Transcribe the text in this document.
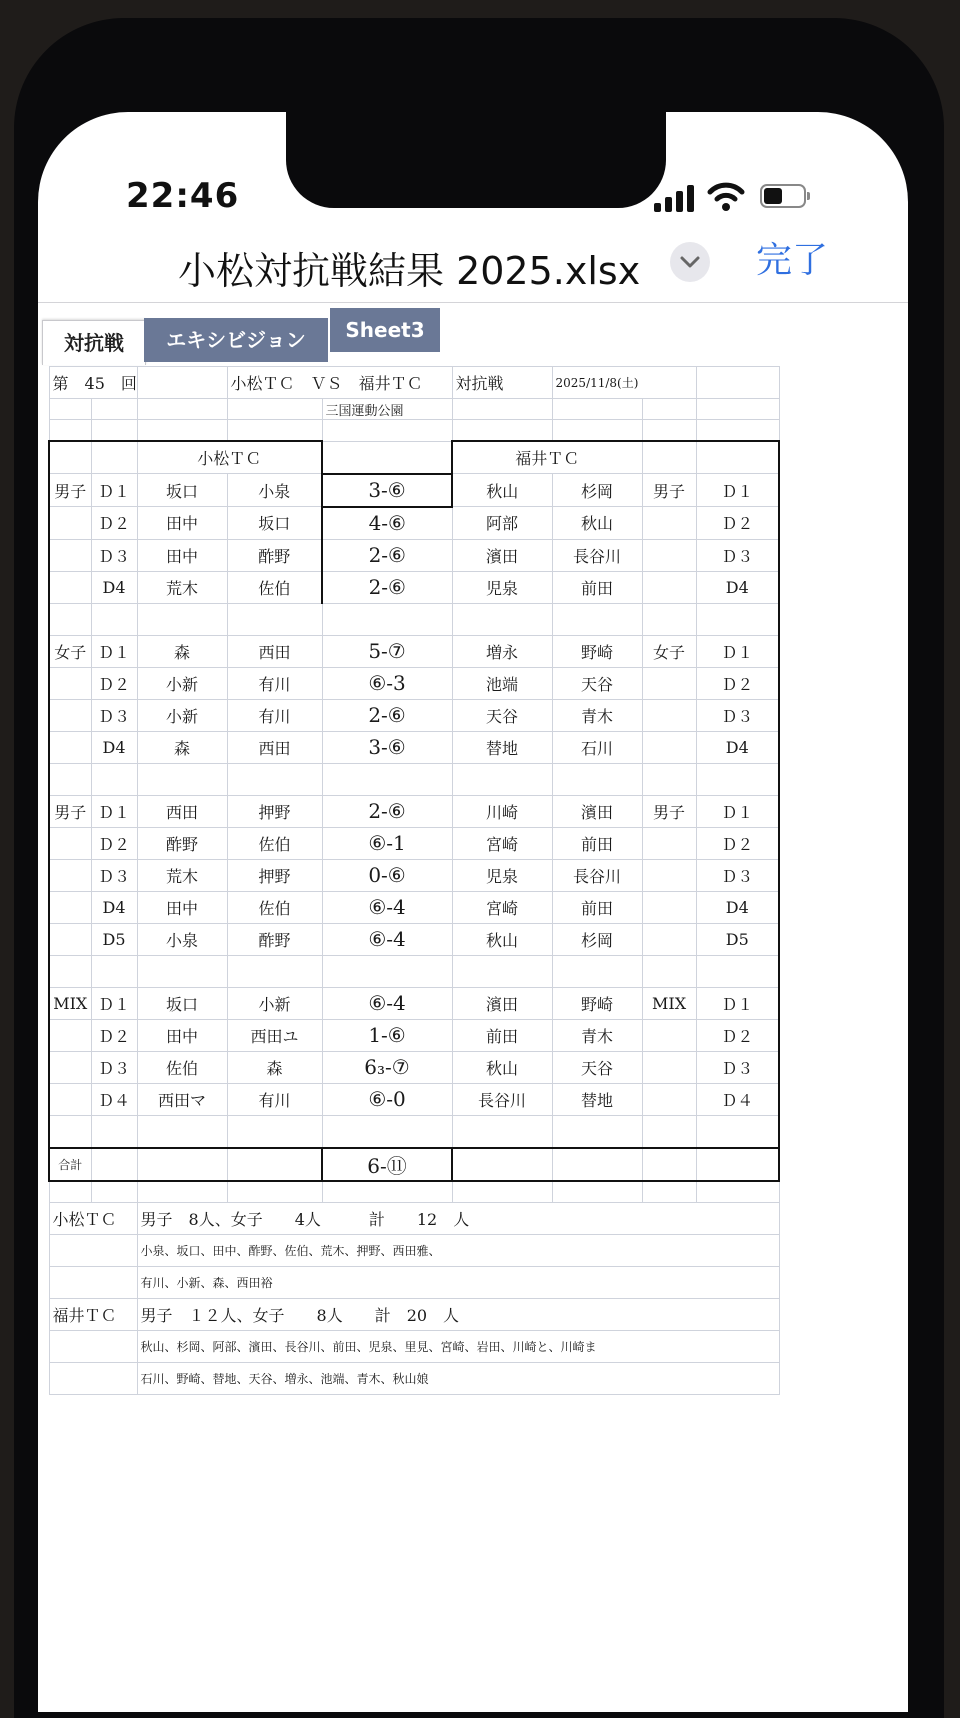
22:46
小松対抗戦結果 2025.xlsx	完了
対抗戦	エキシビジョン	Sheet3
第　 45　 回			小松ＴＣ　 ＶＳ　 福井ＴＣ		対抗戦	2025/11/8(土)		
				三国運動公園				

		小松ＴＣ			福井ＴＣ			
男子	Ｄ１	坂口	小泉	3-⑥	秋山	杉岡	男子	Ｄ１
	Ｄ２	田中	坂口	4-⑥	阿部	秋山		Ｄ２
	Ｄ３	田中	酢野	2-⑥	濱田	長谷川		Ｄ３
	D4	荒木	佐伯	2-⑥	児泉	前田		D4

女子	Ｄ１	森	西田	5-⑦	増永	野崎	女子	Ｄ１
	Ｄ２	小新	有川	⑥-3	池端	天谷		Ｄ２
	Ｄ３	小新	有川	2-⑥	天谷	青木		Ｄ３
	D4	森	西田	3-⑥	替地	石川		D4

男子	Ｄ１	西田	押野	2-⑥	川崎	濱田	男子	Ｄ１
	Ｄ２	酢野	佐伯	⑥-1	宮崎	前田		Ｄ２
	Ｄ３	荒木	押野	0-⑥	児泉	長谷川		Ｄ３
	D4	田中	佐伯	⑥-4	宮崎	前田		D4
	D5	小泉	酢野	⑥-4	秋山	杉岡		D5

MIX	Ｄ１	坂口	小新	⑥-4	濱田	野崎	MIX	Ｄ１
	Ｄ２	田中	西田ユ	1-⑥	前田	青木		Ｄ２
	Ｄ３	佐伯	森	6₃-⑦	秋山	天谷		Ｄ３
	Ｄ４	西田マ	有川	⑥-0	長谷川	替地		Ｄ４

合計				6-⑪				

小松ＴＣ		男子　8人、女子　　4人　　　計　　12　人						
		小泉、坂口、田中、酢野、佐伯、荒木、押野、西田雅、						
		有川、小新、森、西田裕						
福井ＴＣ		男子　１２人、女子　　8人　　計　20　人						
		秋山、杉岡、阿部、濱田、長谷川、前田、児泉、里見、宮崎、岩田、川崎と、川崎ま						
		石川、野崎、替地、天谷、増永、池端、青木、秋山娘						
